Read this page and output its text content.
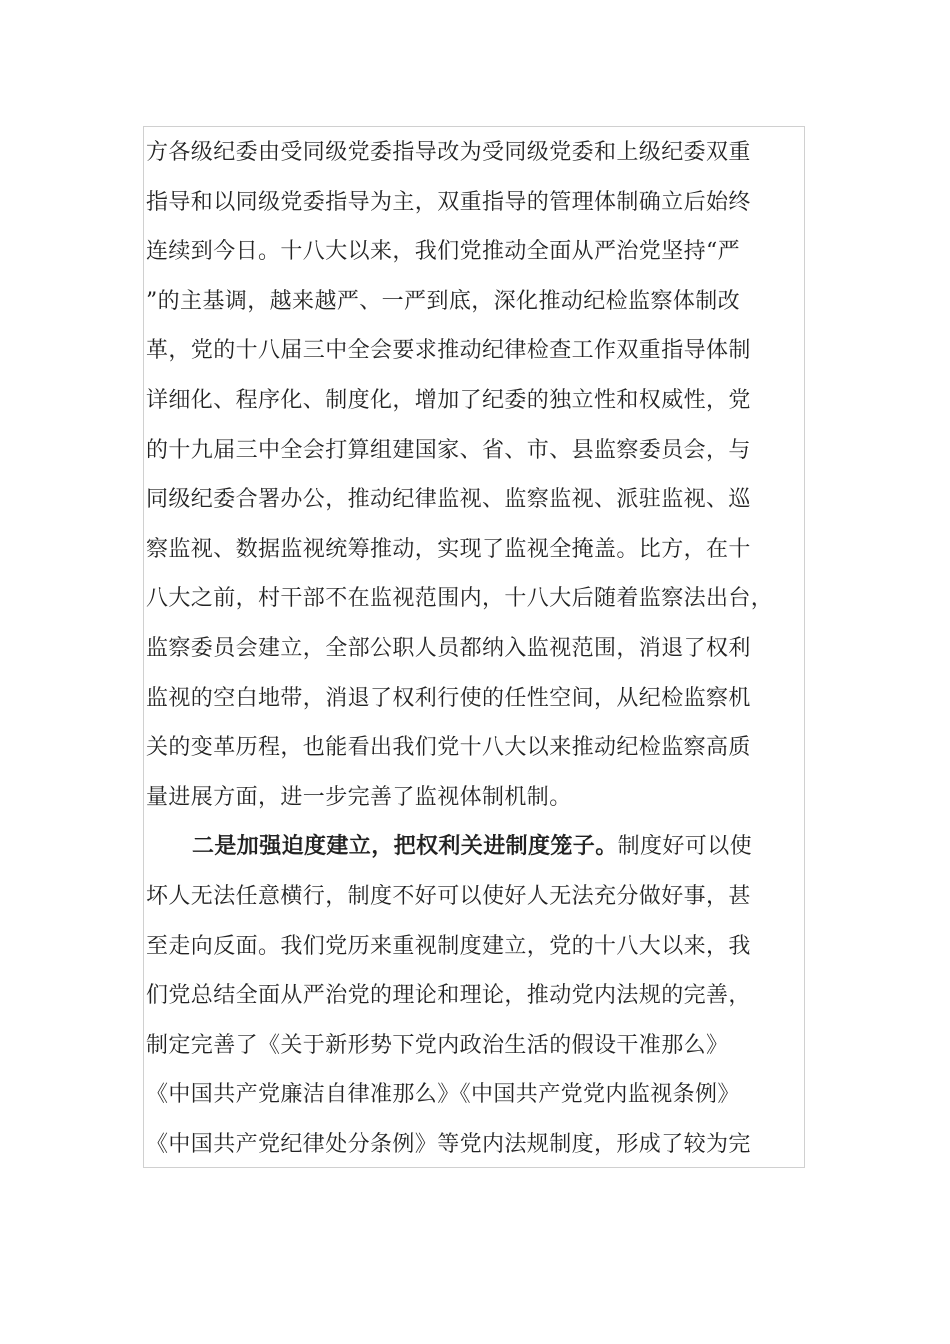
方各级纪委由受同级党委指导改为受同级党委和上级纪委双重
指导和以同级党委指导为主，双重指导的管理体制确立后始终
连续到今日。十八大以来，我们党推动全面从严治党坚持“严
”的主基调，越来越严、一严到底，深化推动纪检监察体制改
革，党的十八届三中全会要求推动纪律检查工作双重指导体制
详细化、程序化、制度化，增加了纪委的独立性和权威性，党
的十九届三中全会打算组建国家、省、市、县监察委员会，与
同级纪委合署办公，推动纪律监视、监察监视、派驻监视、巡
察监视、数据监视统筹推动，实现了监视全掩盖。比方，在十
八大之前，村干部不在监视范围内，十八大后随着监察法出台，
监察委员会建立，全部公职人员都纳入监视范围，消退了权利
监视的空白地带，消退了权利行使的任性空间，从纪检监察机
关的变革历程，也能看出我们党十八大以来推动纪检监察高质
量进展方面，进一步完善了监视体制机制。
二是加强迫度建立，把权利关进制度笼子。制度好可以使
坏人无法任意横行，制度不好可以使好人无法充分做好事，甚
至走向反面。我们党历来重视制度建立，党的十八大以来，我
们党总结全面从严治党的理论和理论，推动党内法规的完善，
制定完善了《关于新形势下党内政治生活的假设干准那么》
《中国共产党廉洁自律准那么》《中国共产党党内监视条例》
《中国共产党纪律处分条例》等党内法规制度，形成了较为完
